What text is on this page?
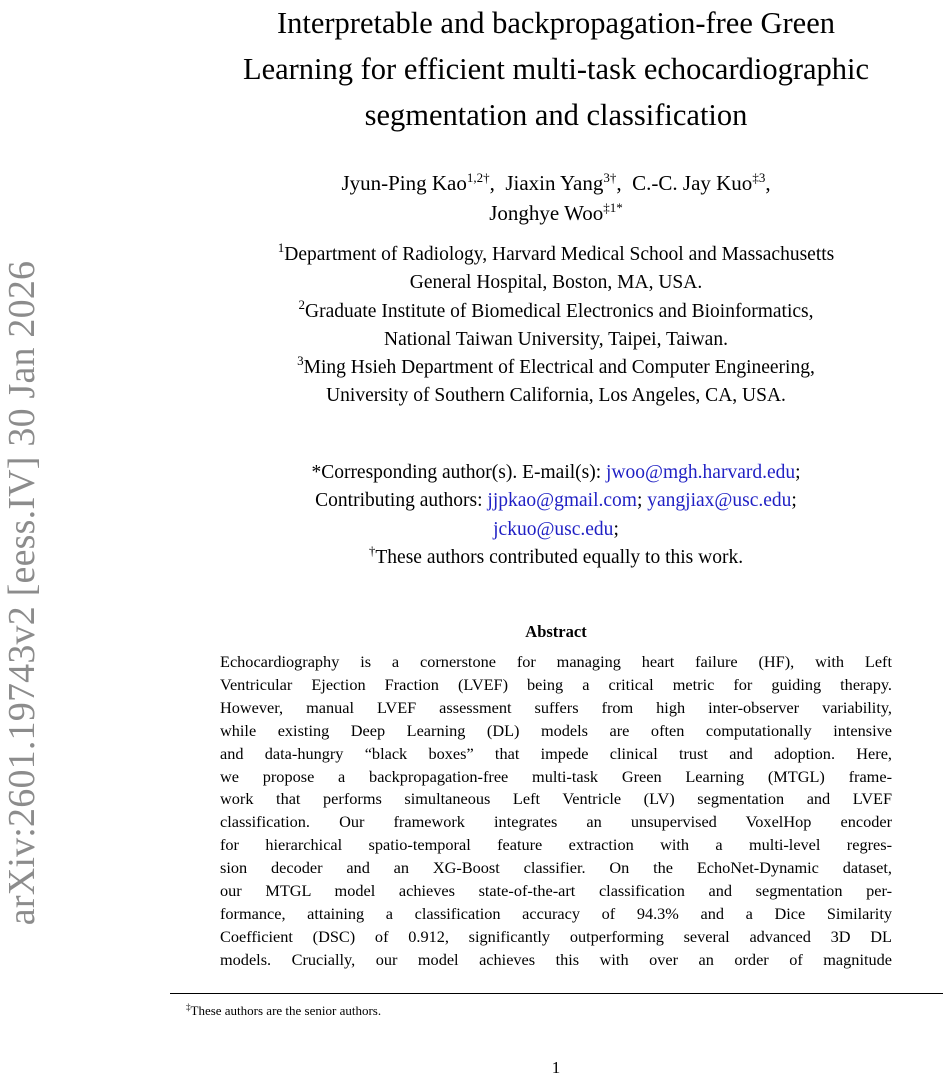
arXiv:2601.19743v2 [eess.IV] 30 Jan 2026
Interpretable and backpropagation-free Green
Learning for efficient multi-task echocardiographic
segmentation and classification
Jyun-Ping Kao$^{1,2\dagger}$, Jiaxin Yang$^{3\dagger}$, C.-C. Jay Kuo$^{\ddagger 3}$,
Jonghye Woo$^{\ddagger 1*}$
$^1$Department of Radiology, Harvard Medical School and Massachusetts
General Hospital, Boston, MA, USA.
$^2$Graduate Institute of Biomedical Electronics and Bioinformatics,
National Taiwan University, Taipei, Taiwan.
$^3$Ming Hsieh Department of Electrical and Computer Engineering,
University of Southern California, Los Angeles, CA, USA.
*Corresponding author(s). E-mail(s): jwoo@mgh.harvard.edu;
Contributing authors: jjpkao@gmail.com; yangjiax@usc.edu;
jckuo@usc.edu;
†These authors contributed equally to this work.
Abstract
Echocardiography is a cornerstone for managing heart failure (HF), with Left
Ventricular Ejection Fraction (LVEF) being a critical metric for guiding therapy.
However, manual LVEF assessment suffers from high inter-observer variability,
while existing Deep Learning (DL) models are often computationally intensive
and data-hungry “black boxes” that impede clinical trust and adoption. Here,
we propose a backpropagation-free multi-task Green Learning (MTGL) frame-
work that performs simultaneous Left Ventricle (LV) segmentation and LVEF
classification. Our framework integrates an unsupervised VoxelHop encoder
for hierarchical spatio-temporal feature extraction with a multi-level regres-
sion decoder and an XG-Boost classifier. On the EchoNet-Dynamic dataset,
our MTGL model achieves state-of-the-art classification and segmentation per-
formance, attaining a classification accuracy of 94.3% and a Dice Similarity
Coefficient (DSC) of 0.912, significantly outperforming several advanced 3D DL
models. Crucially, our model achieves this with over an order of magnitude
‡These authors are the senior authors.
1
